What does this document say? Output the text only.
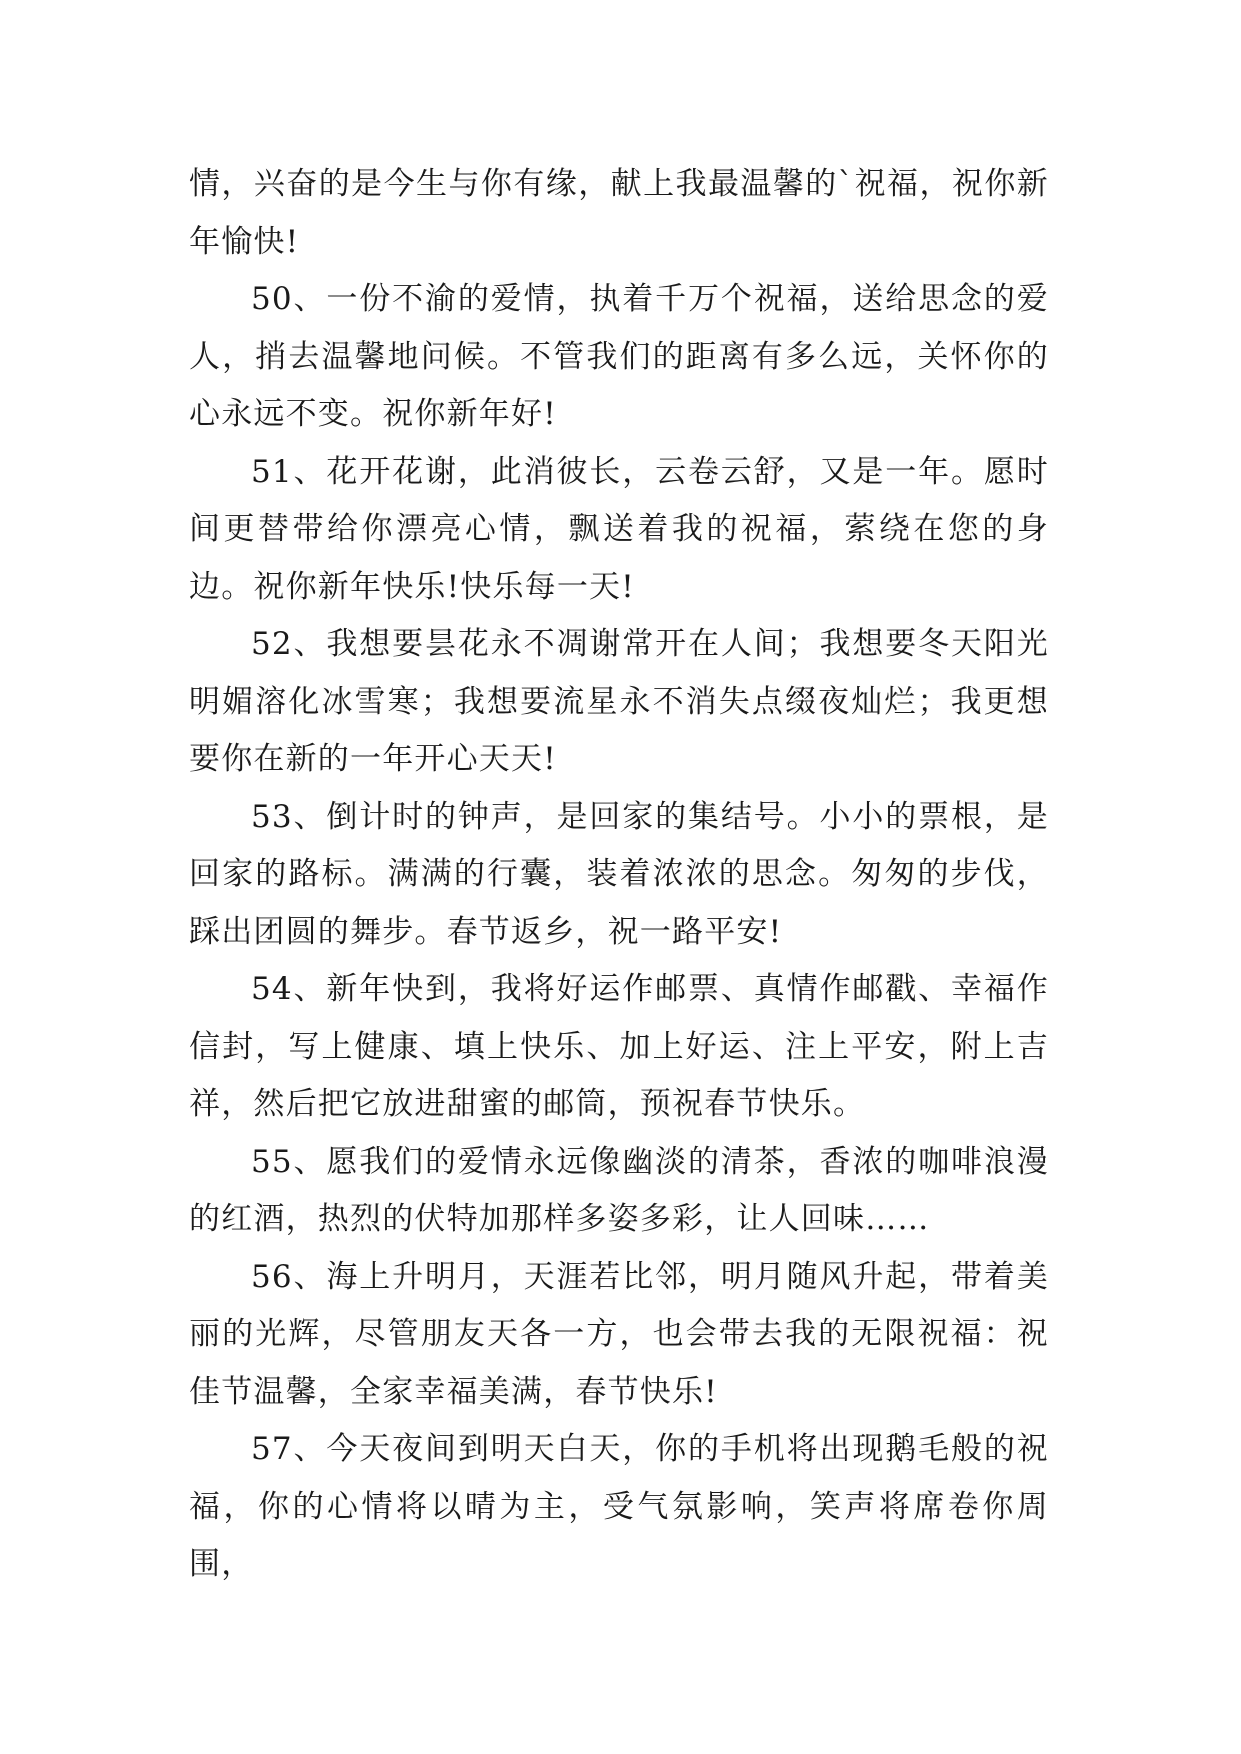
情，兴奋的是今生与你有缘，献上我最温馨的`祝福，祝你新年愉快!

50、一份不渝的爱情，执着千万个祝福，送给思念的爱人，捎去温馨地问候。不管我们的距离有多么远，关怀你的心永远不变。祝你新年好!

51、花开花谢，此消彼长，云卷云舒，又是一年。愿时间更替带给你漂亮心情，飘送着我的祝福，萦绕在您的身边。祝你新年快乐!快乐每一天!

52、我想要昙花永不凋谢常开在人间；我想要冬天阳光明媚溶化冰雪寒；我想要流星永不消失点缀夜灿烂；我更想要你在新的一年开心天天!

53、倒计时的钟声，是回家的集结号。小小的票根，是回家的路标。满满的行囊，装着浓浓的思念。匆匆的步伐，踩出团圆的舞步。春节返乡，祝一路平安!

54、新年快到，我将好运作邮票、真情作邮戳、幸福作信封，写上健康、填上快乐、加上好运、注上平安，附上吉祥，然后把它放进甜蜜的邮筒，预祝春节快乐。

55、愿我们的爱情永远像幽淡的清茶，香浓的咖啡浪漫的红酒，热烈的伏特加那样多姿多彩，让人回味……

56、海上升明月，天涯若比邻，明月随风升起，带着美丽的光辉，尽管朋友天各一方，也会带去我的无限祝福：祝佳节温馨，全家幸福美满，春节快乐!

57、今天夜间到明天白天，你的手机将出现鹅毛般的祝福，你的心情将以晴为主，受气氛影响，笑声将席卷你周围，
